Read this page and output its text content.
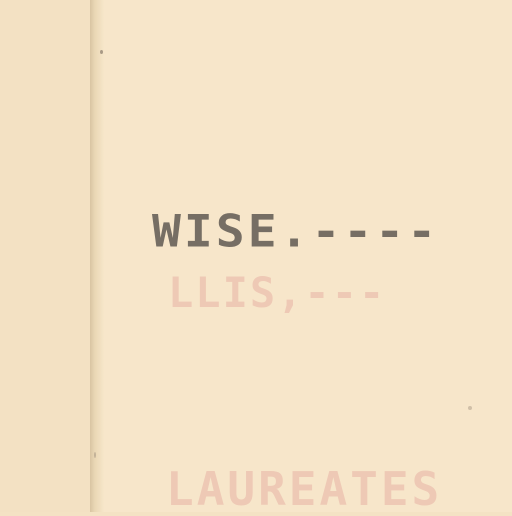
LLIS,---
LAUREATES
WISE.----
